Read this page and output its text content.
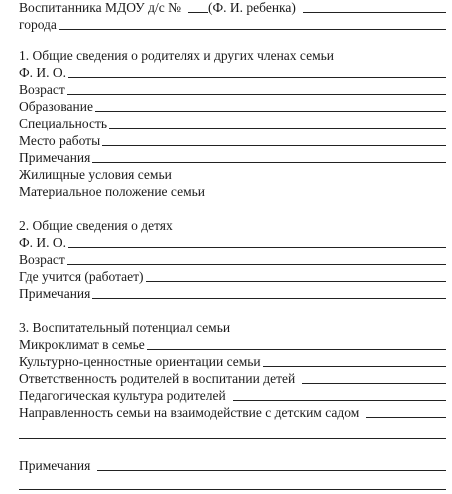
Воспитанника МДОУ д/с № (Ф. И. ребенка)
города
1. Общие сведения о родителях и других членах семьи
Ф. И. О.
Возраст
Образование
Специальность
Место работы
Примечания
Жилищные условия семьи
Материальное положение семьи
2. Общие сведения о детях
Ф. И. О.
Возраст
Где учится (работает)
Примечания
3. Воспитательный потенциал семьи
Микроклимат в семье
Культурно-ценностные ориентации семьи
Ответственность родителей в воспитании детей
Педагогическая культура родителей
Направленность семьи на взаимодействие с детским садом
Примечания
